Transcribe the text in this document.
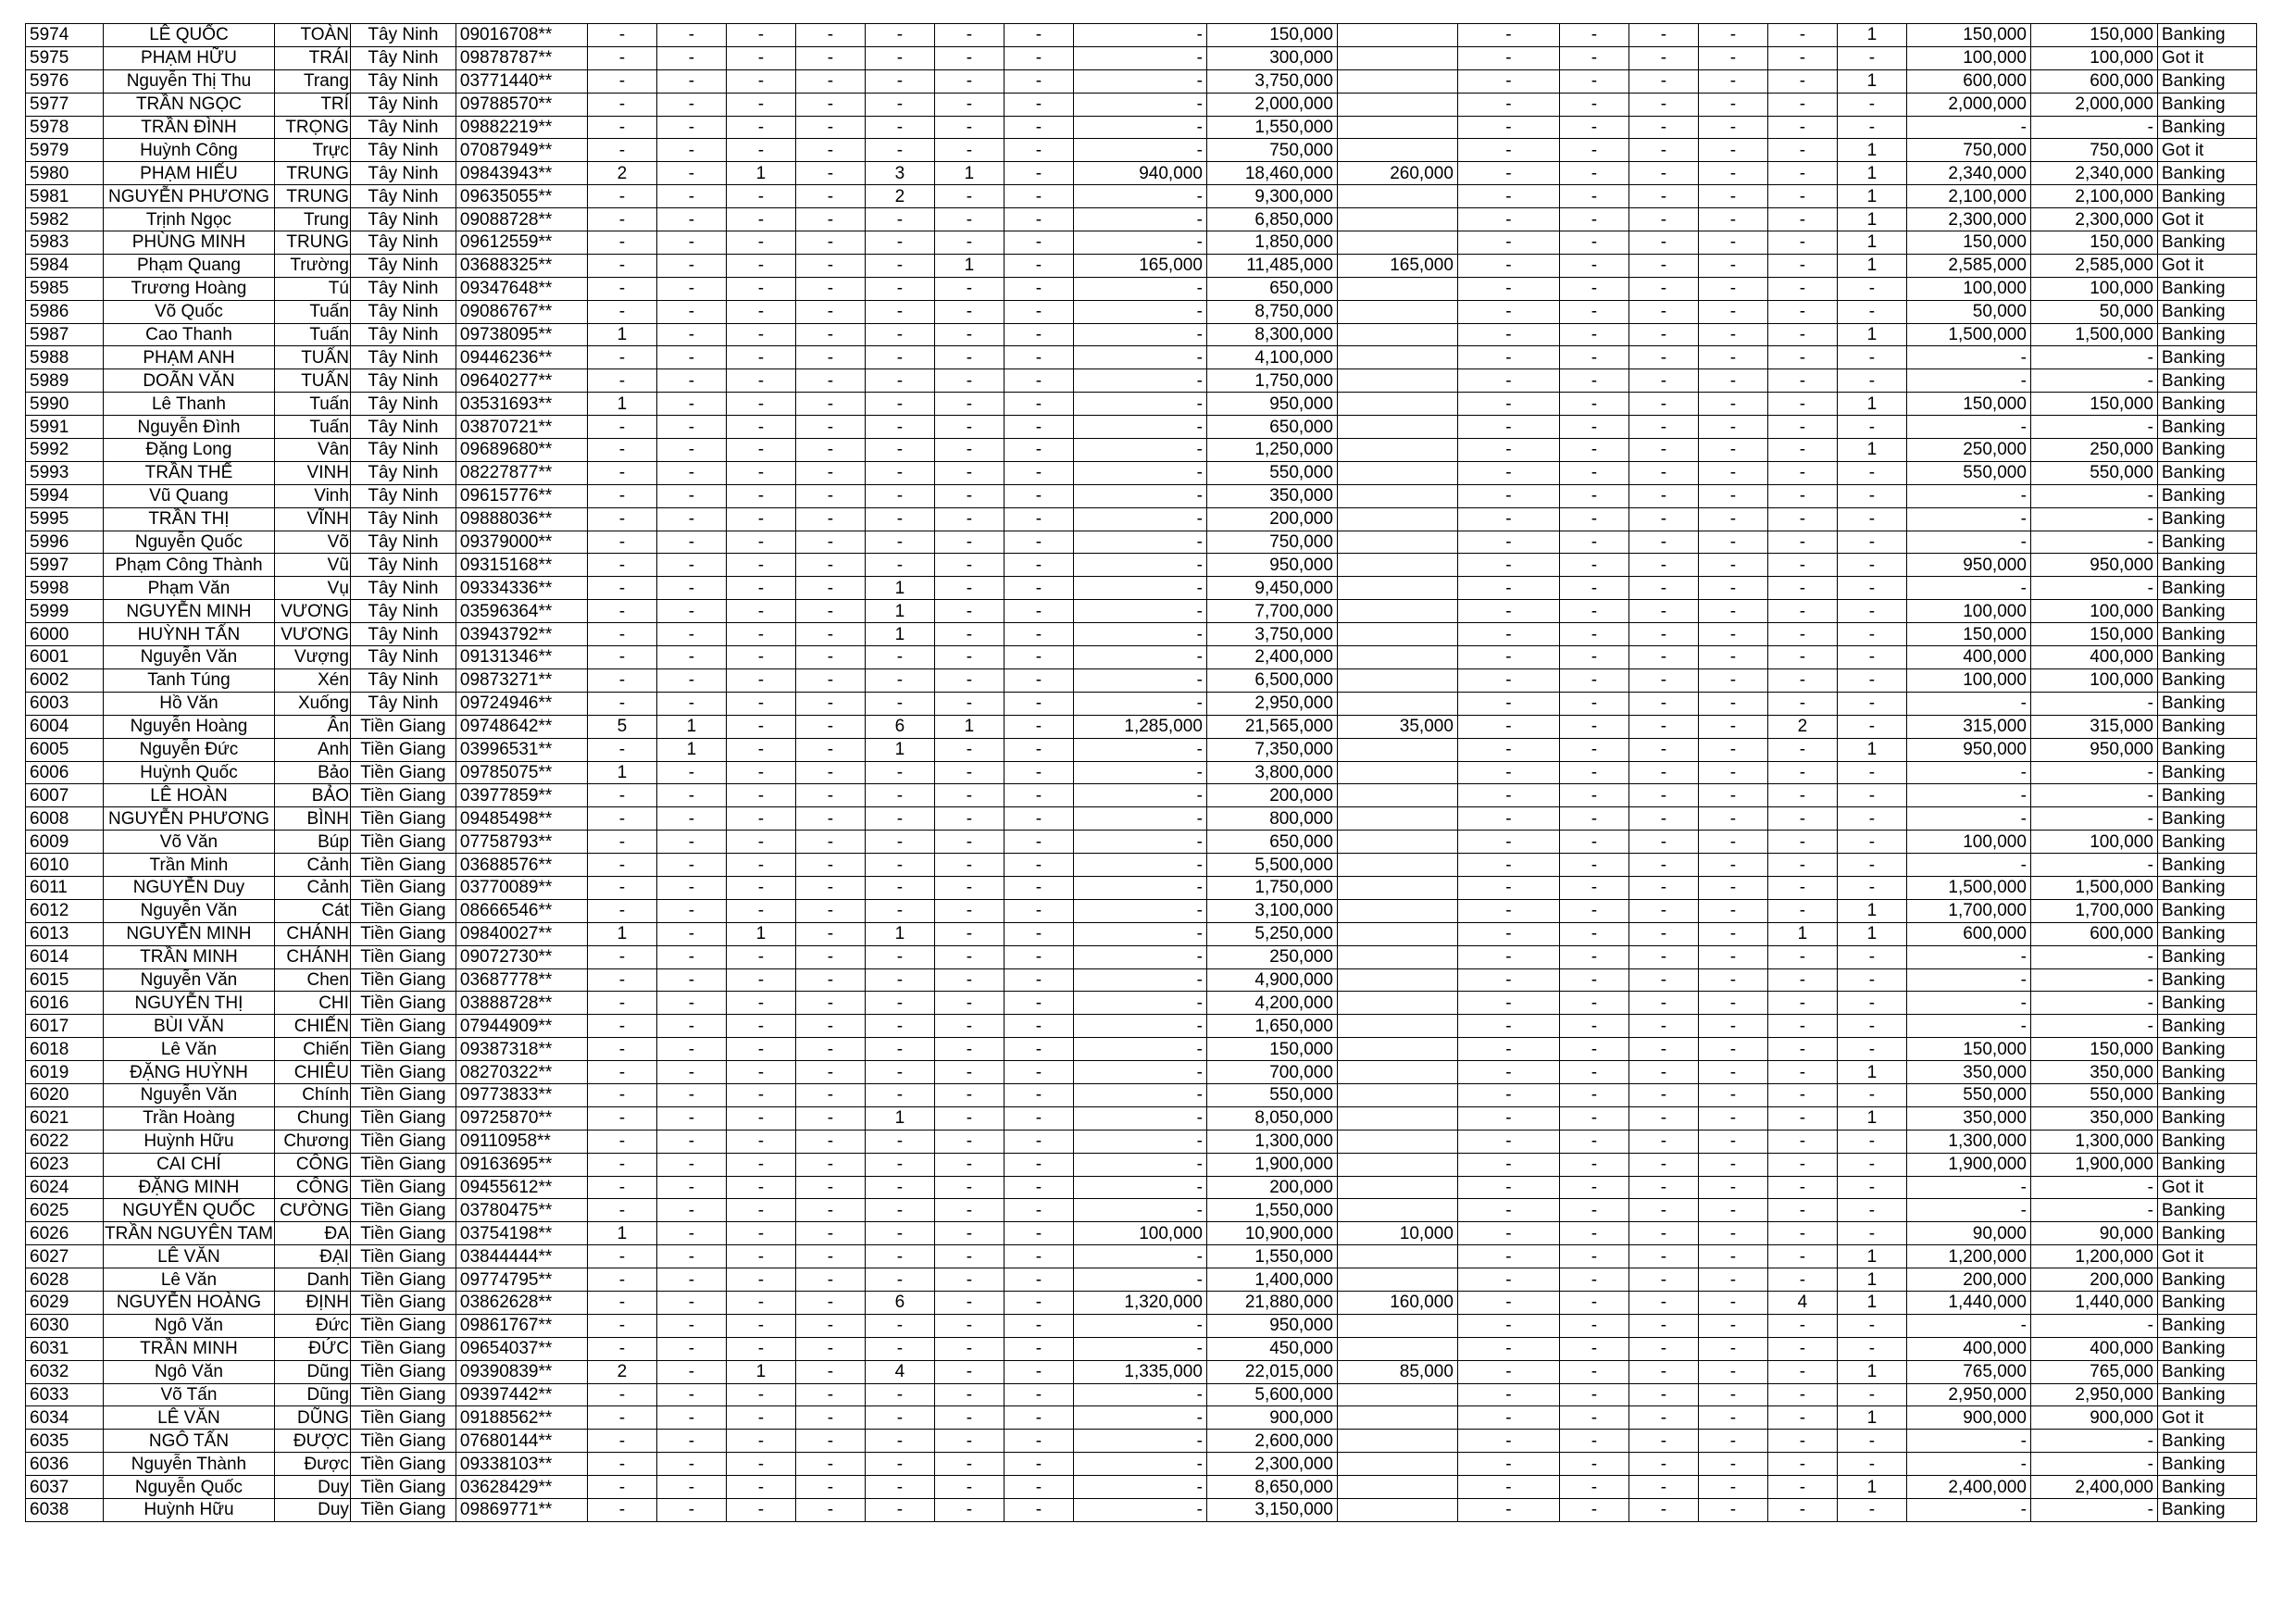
5974	LÊ QUỐC	TOÀN	Tây Ninh	09016708**	-	-	-	-	-	-	-	-	150,000		-	-	-	-	-	1	150,000	150,000	Banking
5975	PHẠM HỮU	TRÁI	Tây Ninh	09878787**	-	-	-	-	-	-	-	-	300,000		-	-	-	-	-	-	100,000	100,000	Got it
5976	Nguyễn Thị Thu	Trang	Tây Ninh	03771440**	-	-	-	-	-	-	-	-	3,750,000		-	-	-	-	-	1	600,000	600,000	Banking
5977	TRẦN NGỌC	TRÍ	Tây Ninh	09788570**	-	-	-	-	-	-	-	-	2,000,000		-	-	-	-	-	-	2,000,000	2,000,000	Banking
5978	TRẦN ĐÌNH	TRỌNG	Tây Ninh	09882219**	-	-	-	-	-	-	-	-	1,550,000		-	-	-	-	-	-	-	-	Banking
5979	Huỳnh Công	Trực	Tây Ninh	07087949**	-	-	-	-	-	-	-	-	750,000		-	-	-	-	-	1	750,000	750,000	Got it
5980	PHẠM HIẾU	TRUNG	Tây Ninh	09843943**	2	-	1	-	3	1	-	940,000	18,460,000	260,000	-	-	-	-	-	1	2,340,000	2,340,000	Banking
5981	NGUYỄN PHƯƠNG	TRUNG	Tây Ninh	09635055**	-	-	-	-	2	-	-	-	9,300,000		-	-	-	-	-	1	2,100,000	2,100,000	Banking
5982	Trịnh Ngọc	Trung	Tây Ninh	09088728**	-	-	-	-	-	-	-	-	6,850,000		-	-	-	-	-	1	2,300,000	2,300,000	Got it
5983	PHÙNG MINH	TRUNG	Tây Ninh	09612559**	-	-	-	-	-	-	-	-	1,850,000		-	-	-	-	-	1	150,000	150,000	Banking
5984	Phạm Quang	Trường	Tây Ninh	03688325**	-	-	-	-	-	1	-	165,000	11,485,000	165,000	-	-	-	-	-	1	2,585,000	2,585,000	Got it
5985	Trương Hoàng	Tú	Tây Ninh	09347648**	-	-	-	-	-	-	-	-	650,000		-	-	-	-	-	-	100,000	100,000	Banking
5986	Võ Quốc	Tuấn	Tây Ninh	09086767**	-	-	-	-	-	-	-	-	8,750,000		-	-	-	-	-	-	50,000	50,000	Banking
5987	Cao Thanh	Tuấn	Tây Ninh	09738095**	1	-	-	-	-	-	-	-	8,300,000		-	-	-	-	-	1	1,500,000	1,500,000	Banking
5988	PHẠM ANH	TUẤN	Tây Ninh	09446236**	-	-	-	-	-	-	-	-	4,100,000		-	-	-	-	-	-	-	-	Banking
5989	DOÃN VĂN	TUẤN	Tây Ninh	09640277**	-	-	-	-	-	-	-	-	1,750,000		-	-	-	-	-	-	-	-	Banking
5990	Lê Thanh	Tuấn	Tây Ninh	03531693**	1	-	-	-	-	-	-	-	950,000		-	-	-	-	-	1	150,000	150,000	Banking
5991	Nguyễn Đình	Tuấn	Tây Ninh	03870721**	-	-	-	-	-	-	-	-	650,000		-	-	-	-	-	-	-	-	Banking
5992	Đặng Long	Vân	Tây Ninh	09689680**	-	-	-	-	-	-	-	-	1,250,000		-	-	-	-	-	1	250,000	250,000	Banking
5993	TRẦN THẾ	VINH	Tây Ninh	08227877**	-	-	-	-	-	-	-	-	550,000		-	-	-	-	-	-	550,000	550,000	Banking
5994	Vũ Quang	Vinh	Tây Ninh	09615776**	-	-	-	-	-	-	-	-	350,000		-	-	-	-	-	-	-	-	Banking
5995	TRẦN THỊ	VĨNH	Tây Ninh	09888036**	-	-	-	-	-	-	-	-	200,000		-	-	-	-	-	-	-	-	Banking
5996	Nguyễn Quốc	Võ	Tây Ninh	09379000**	-	-	-	-	-	-	-	-	750,000		-	-	-	-	-	-	-	-	Banking
5997	Phạm Công Thành	Vũ	Tây Ninh	09315168**	-	-	-	-	-	-	-	-	950,000		-	-	-	-	-	-	950,000	950,000	Banking
5998	Phạm Văn	Vụ	Tây Ninh	09334336**	-	-	-	-	1	-	-	-	9,450,000		-	-	-	-	-	-	-	-	Banking
5999	NGUYỄN MINH	VƯƠNG	Tây Ninh	03596364**	-	-	-	-	1	-	-	-	7,700,000		-	-	-	-	-	-	100,000	100,000	Banking
6000	HUỲNH TẤN	VƯƠNG	Tây Ninh	03943792**	-	-	-	-	1	-	-	-	3,750,000		-	-	-	-	-	-	150,000	150,000	Banking
6001	Nguyễn Văn	Vượng	Tây Ninh	09131346**	-	-	-	-	-	-	-	-	2,400,000		-	-	-	-	-	-	400,000	400,000	Banking
6002	Tanh Túng	Xén	Tây Ninh	09873271**	-	-	-	-	-	-	-	-	6,500,000		-	-	-	-	-	-	100,000	100,000	Banking
6003	Hồ Văn	Xuống	Tây Ninh	09724946**	-	-	-	-	-	-	-	-	2,950,000		-	-	-	-	-	-	-	-	Banking
6004	Nguyễn Hoàng	Ân	Tiền Giang	09748642**	5	1	-	-	6	1	-	1,285,000	21,565,000	35,000	-	-	-	-	2	-	315,000	315,000	Banking
6005	Nguyễn Đức	Anh	Tiền Giang	03996531**	-	1	-	-	1	-	-	-	7,350,000		-	-	-	-	-	1	950,000	950,000	Banking
6006	Huỳnh Quốc	Bảo	Tiền Giang	09785075**	1	-	-	-	-	-	-	-	3,800,000		-	-	-	-	-	-	-	-	Banking
6007	LÊ HOÀN	BẢO	Tiền Giang	03977859**	-	-	-	-	-	-	-	-	200,000		-	-	-	-	-	-	-	-	Banking
6008	NGUYỄN PHƯƠNG	BÌNH	Tiền Giang	09485498**	-	-	-	-	-	-	-	-	800,000		-	-	-	-	-	-	-	-	Banking
6009	Võ Văn	Búp	Tiền Giang	07758793**	-	-	-	-	-	-	-	-	650,000		-	-	-	-	-	-	100,000	100,000	Banking
6010	Trần Minh	Cảnh	Tiền Giang	03688576**	-	-	-	-	-	-	-	-	5,500,000		-	-	-	-	-	-	-	-	Banking
6011	NGUYỄN Duy	Cảnh	Tiền Giang	03770089**	-	-	-	-	-	-	-	-	1,750,000		-	-	-	-	-	-	1,500,000	1,500,000	Banking
6012	Nguyễn Văn	Cát	Tiền Giang	08666546**	-	-	-	-	-	-	-	-	3,100,000		-	-	-	-	-	1	1,700,000	1,700,000	Banking
6013	NGUYỄN MINH	CHÁNH	Tiền Giang	09840027**	1	-	1	-	1	-	-	-	5,250,000		-	-	-	-	1	1	600,000	600,000	Banking
6014	TRẦN MINH	CHÁNH	Tiền Giang	09072730**	-	-	-	-	-	-	-	-	250,000		-	-	-	-	-	-	-	-	Banking
6015	Nguyễn Văn	Chen	Tiền Giang	03687778**	-	-	-	-	-	-	-	-	4,900,000		-	-	-	-	-	-	-	-	Banking
6016	NGUYỄN THỊ	CHI	Tiền Giang	03888728**	-	-	-	-	-	-	-	-	4,200,000		-	-	-	-	-	-	-	-	Banking
6017	BÙI VĂN	CHIẾN	Tiền Giang	07944909**	-	-	-	-	-	-	-	-	1,650,000		-	-	-	-	-	-	-	-	Banking
6018	Lê Văn	Chiến	Tiền Giang	09387318**	-	-	-	-	-	-	-	-	150,000		-	-	-	-	-	-	150,000	150,000	Banking
6019	ĐẶNG HUỲNH	CHIÊU	Tiền Giang	08270322**	-	-	-	-	-	-	-	-	700,000		-	-	-	-	-	1	350,000	350,000	Banking
6020	Nguyễn Văn	Chính	Tiền Giang	09773833**	-	-	-	-	-	-	-	-	550,000		-	-	-	-	-	-	550,000	550,000	Banking
6021	Trần Hoàng	Chung	Tiền Giang	09725870**	-	-	-	-	1	-	-	-	8,050,000		-	-	-	-	-	1	350,000	350,000	Banking
6022	Huỳnh Hữu	Chương	Tiền Giang	09110958**	-	-	-	-	-	-	-	-	1,300,000		-	-	-	-	-	-	1,300,000	1,300,000	Banking
6023	CAI CHÍ	CÔNG	Tiền Giang	09163695**	-	-	-	-	-	-	-	-	1,900,000		-	-	-	-	-	-	1,900,000	1,900,000	Banking
6024	ĐẶNG MINH	CÔNG	Tiền Giang	09455612**	-	-	-	-	-	-	-	-	200,000		-	-	-	-	-	-	-	-	Got it
6025	NGUYỄN QUỐC	CƯỜNG	Tiền Giang	03780475**	-	-	-	-	-	-	-	-	1,550,000		-	-	-	-	-	-	-	-	Banking
6026	TRẦN NGUYÊN TAM	ĐA	Tiền Giang	03754198**	1	-	-	-	-	-	-	100,000	10,900,000	10,000	-	-	-	-	-	-	90,000	90,000	Banking
6027	LÊ VĂN	ĐẠI	Tiền Giang	03844444**	-	-	-	-	-	-	-	-	1,550,000		-	-	-	-	-	1	1,200,000	1,200,000	Got it
6028	Lê Văn	Danh	Tiền Giang	09774795**	-	-	-	-	-	-	-	-	1,400,000		-	-	-	-	-	1	200,000	200,000	Banking
6029	NGUYỄN HOÀNG	ĐỊNH	Tiền Giang	03862628**	-	-	-	-	6	-	-	1,320,000	21,880,000	160,000	-	-	-	-	4	1	1,440,000	1,440,000	Banking
6030	Ngô Văn	Đức	Tiền Giang	09861767**	-	-	-	-	-	-	-	-	950,000		-	-	-	-	-	-	-	-	Banking
6031	TRẦN MINH	ĐỨC	Tiền Giang	09654037**	-	-	-	-	-	-	-	-	450,000		-	-	-	-	-	-	400,000	400,000	Banking
6032	Ngô Văn	Dũng	Tiền Giang	09390839**	2	-	1	-	4	-	-	1,335,000	22,015,000	85,000	-	-	-	-	-	1	765,000	765,000	Banking
6033	Võ Tấn	Dũng	Tiền Giang	09397442**	-	-	-	-	-	-	-	-	5,600,000		-	-	-	-	-	-	2,950,000	2,950,000	Banking
6034	LÊ VĂN	DŨNG	Tiền Giang	09188562**	-	-	-	-	-	-	-	-	900,000		-	-	-	-	-	1	900,000	900,000	Got it
6035	NGÔ TẤN	ĐƯỢC	Tiền Giang	07680144**	-	-	-	-	-	-	-	-	2,600,000		-	-	-	-	-	-	-	-	Banking
6036	Nguyễn Thành	Được	Tiền Giang	09338103**	-	-	-	-	-	-	-	-	2,300,000		-	-	-	-	-	-	-	-	Banking
6037	Nguyễn Quốc	Duy	Tiền Giang	03628429**	-	-	-	-	-	-	-	-	8,650,000		-	-	-	-	-	1	2,400,000	2,400,000	Banking
6038	Huỳnh Hữu	Duy	Tiền Giang	09869771**	-	-	-	-	-	-	-	-	3,150,000		-	-	-	-	-	-	-	-	Banking
